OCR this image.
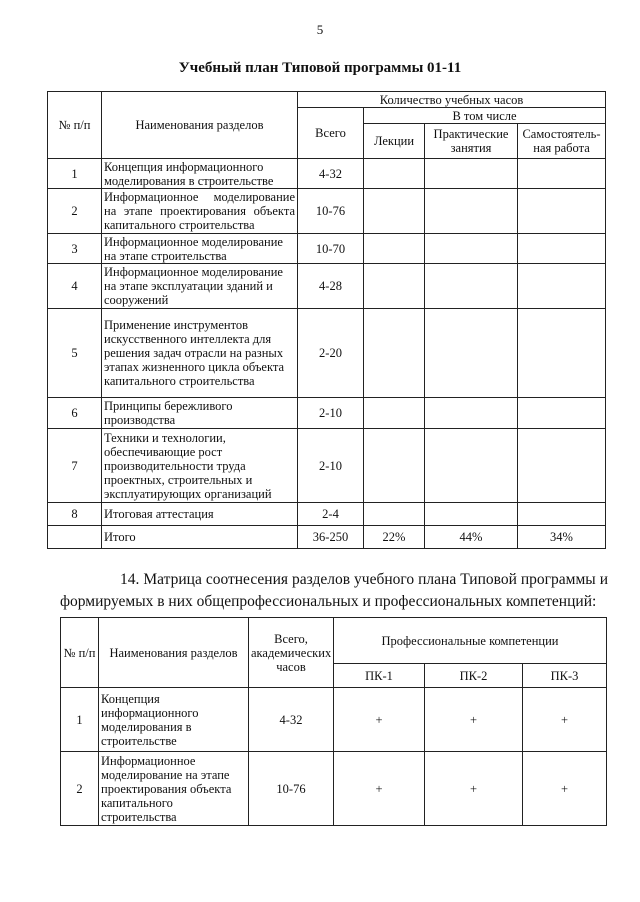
5
Учебный план Типовой программы 01-11
№ п/п	Наименования разделов	Количество учебных часов			
		Всего	В том числе		
			Лекции	Практические занятия	Самостоятель-ная работа
1	Концепция информационного моделирования в строительстве	4-32			
2	Информационное моделирование на этапе проектирования объекта капитального строительства	10-76			
3	Информационное моделирование на этапе строительства	10-70			
4	Информационное моделирование на этапе эксплуатации зданий и сооружений	4-28			
5	Применение инструментов искусственного интеллекта для решения задач отрасли на разных этапах жизненного цикла объекта капитального строительства	2-20			
6	Принципы бережливого производства	2-10			
7	Техники и технологии, обеспечивающие рост производительности труда проектных, строительных и эксплуатирующих организаций	2-10			
8	Итоговая аттестация	2-4			
	Итого	36-250	22%	44%	34%
14. Матрица соотнесения разделов учебного плана Типовой программы и формируемых в них общепрофессиональных и профессиональных компетенций:
№ п/п	Наименования разделов	Всего, академических часов	Профессиональные компетенции		
			ПК-1	ПК-2	ПК-3
1	Концепция информационного моделирования в строительстве	4-32	+	+	+
2	Информационное моделирование на этапе проектирования объекта капитального строительства	10-76	+	+	+
